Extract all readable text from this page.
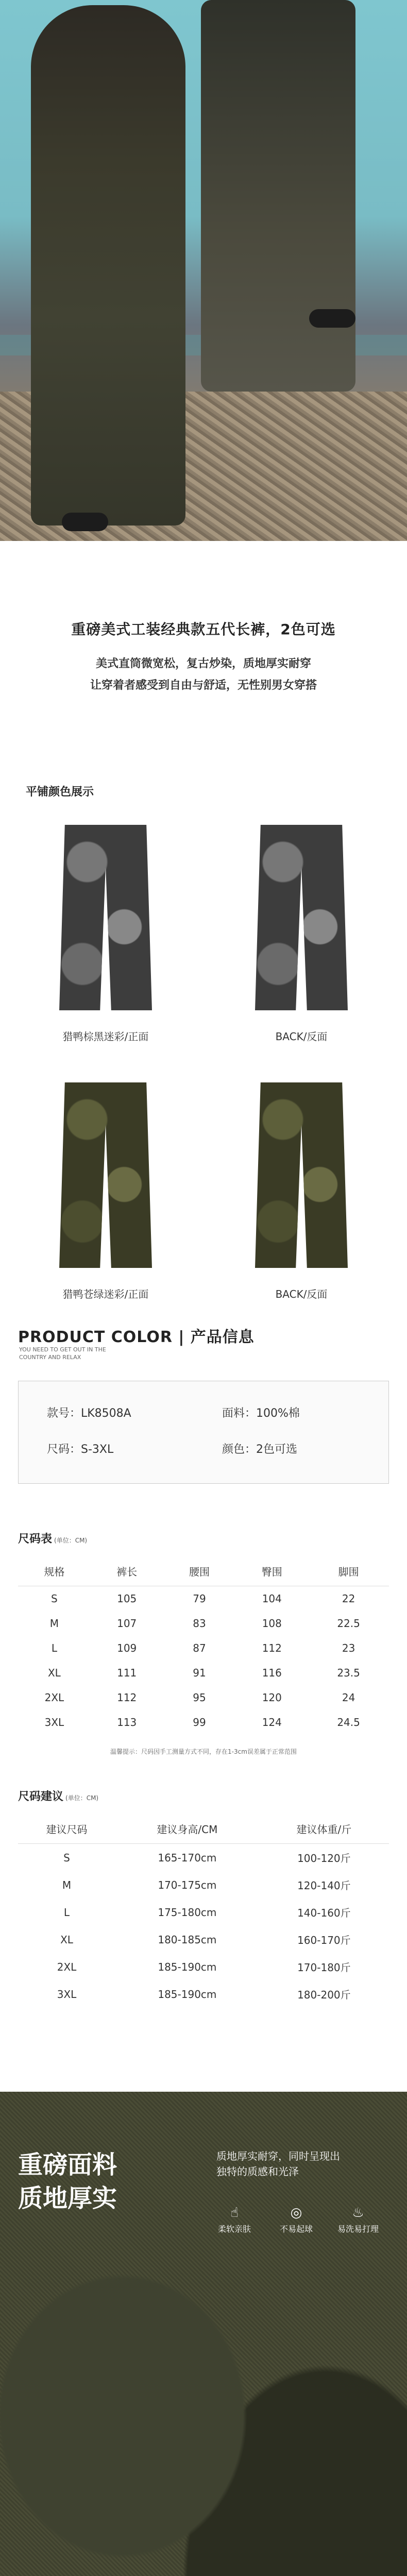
重磅美式工装经典款五代长裤，2色可选
美式直筒微宽松，复古炒染，质地厚实耐穿
让穿着者感受到自由与舒适，无性别男女穿搭
平铺颜色展示
猎鸭棕黑迷彩/正面	BACK/反面
猎鸭苍绿迷彩/正面	BACK/反面
PRODUCT COLOR | 产品信息
YOU NEED TO GET OUT IN THE COUNTRY AND RELAX
款号：LK8508A	面料：100%棉
尺码：S-3XL	颜色：2色可选
尺码表 (单位：CM)
规格	裤长	腰围	臀围	脚围
S	105	79	104	22
M	107	83	108	22.5
L	109	87	112	23
XL	111	91	116	23.5
2XL	112	95	120	24
3XL	113	99	124	24.5
温馨提示：尺码因手工测量方式不同，存在1-3cm误差属于正常范围
尺码建议 (单位：CM)
建议尺码	建议身高/CM	建议体重/斤
S	165-170cm	100-120斤
M	170-175cm	120-140斤
L	175-180cm	140-160斤
XL	180-185cm	160-170斤
2XL	185-190cm	170-180斤
3XL	185-190cm	180-200斤
重磅面料
质地厚实
质地厚实耐穿，同时呈现出
独特的质感和光泽
☝
柔软亲肤
◎
不易起球
♨
易洗易打理
